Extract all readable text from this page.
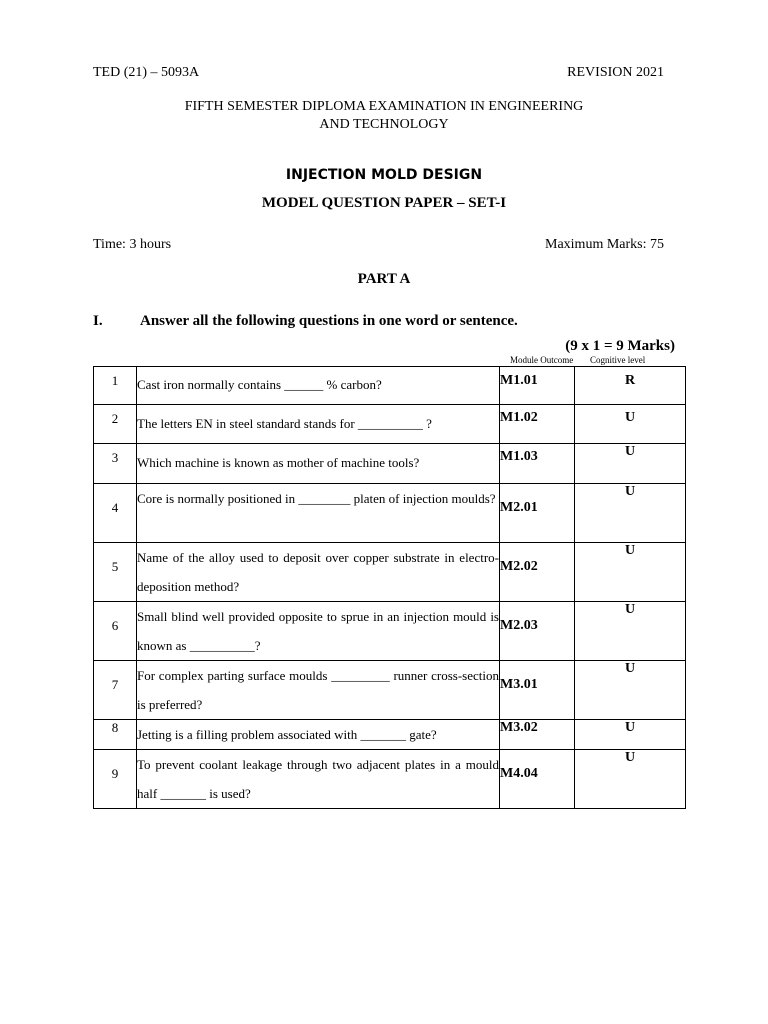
TED (21) – 5093A	REVISION 2021
FIFTH SEMESTER DIPLOMA EXAMINATION IN ENGINEERING
AND TECHNOLOGY
INJECTION MOLD DESIGN
MODEL QUESTION PAPER – SET-I
Time: 3 hours	Maximum Marks: 75
PART A
I. Answer all the following questions in one word or sentence.
(9 x 1 = 9 Marks)
Module Outcome Cognitive level
1	Cast iron normally contains ______ % carbon?	M1.01	R

2	The letters EN in steel standard stands for __________ ?	M1.02	U

3	Which machine is known as mother of machine tools?	M1.03	U

4	Core is normally positioned in ________ platen of injection moulds?	M2.01	U

5	Name of the alloy used to deposit over copper substrate in electro-deposition method?	M2.02	U

6	Small blind well provided opposite to sprue in an injection mould is known as __________?	M2.03	U

7	For complex parting surface moulds _________ runner cross-section is preferred?	M3.01	U

8	Jetting is a filling problem associated with _______ gate?	M3.02	U

9	To prevent coolant leakage through two adjacent plates in a mould half _______ is used?	M4.04	U
